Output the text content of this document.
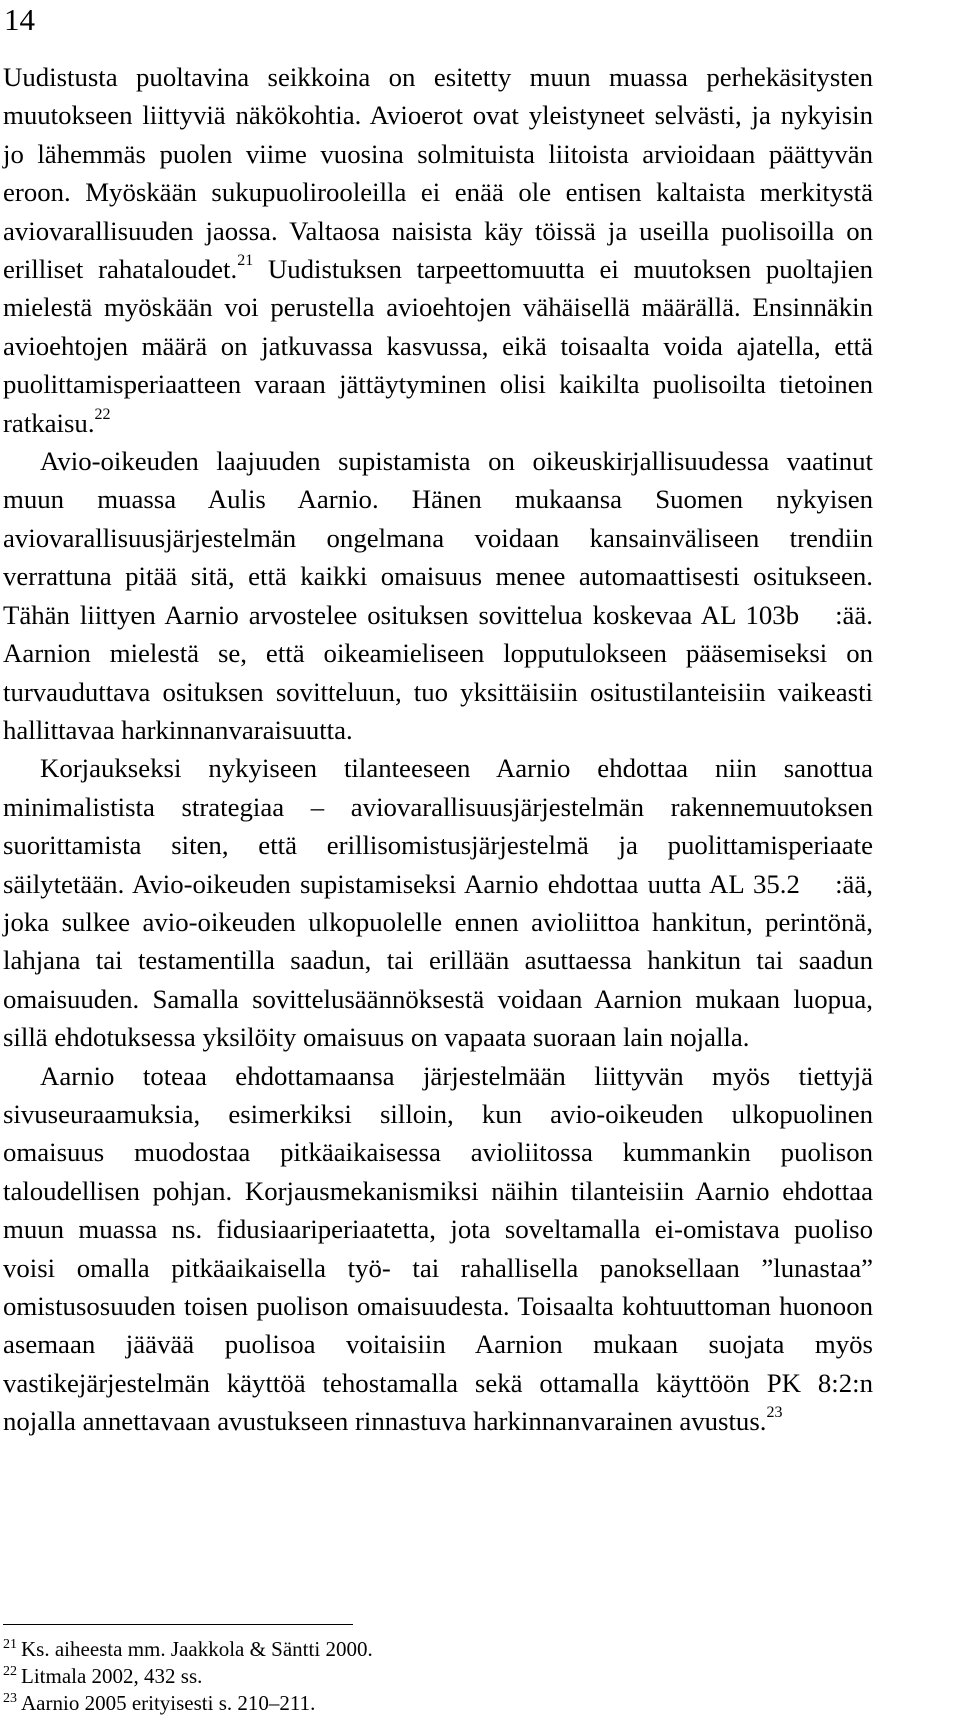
14

Uudistusta puoltavina seikkoina on esitetty muun muassa perhekäsitysten muutokseen liittyviä näkökohtia. Avioerot ovat yleistyneet selvästi, ja nykyisin jo lähemmäs puolen viime vuosina solmituista liitoista arvioidaan päättyvän eroon. Myöskään sukupuolirooleilla ei enää ole entisen kaltaista merkitystä aviovarallisuuden jaossa. Valtaosa naisista käy töissä ja useilla puolisoilla on erilliset rahataloudet.$^{21}$ Uudistuksen tarpeettomuutta ei muutoksen puoltajien mielestä myöskään voi perustella avioehtojen vähäisellä määrällä. Ensinnäkin avioehtojen määrä on jatkuvassa kasvussa, eikä toisaalta voida ajatella, että puolittamisperiaatteen varaan jättäytyminen olisi kaikilta puolisoilta tietoinen ratkaisu.$^{22}$

Avio-oikeuden laajuuden supistamista on oikeuskirjallisuudessa vaatinut muun muassa Aulis Aarnio. Hänen mukaansa Suomen nykyisen aviovarallisuusjärjestelmän ongelmana voidaan kansainväliseen trendiin verrattuna pitää sitä, että kaikki omaisuus menee automaattisesti ositukseen. Tähän liittyen Aarnio arvostelee osituksen sovittelua koskevaa AL 103b :ää. Aarnion mielestä se, että oikeamieliseen lopputulokseen pääsemiseksi on turvauduttava osituksen sovitteluun, tuo yksittäisiin ositustilanteisiin vaikeasti hallittavaa harkinnanvaraisuutta.

Korjaukseksi nykyiseen tilanteeseen Aarnio ehdottaa niin sanottua minimalistista strategiaa – aviovarallisuusjärjestelmän rakennemuutoksen suorittamista siten, että erillisomistusjärjestelmä ja puolittamisperiaate säilytetään. Avio-oikeuden supistamiseksi Aarnio ehdottaa uutta AL 35.2 :ää, joka sulkee avio-oikeuden ulkopuolelle ennen avioliittoa hankitun, perintönä, lahjana tai testamentilla saadun, tai erillään asuttaessa hankitun tai saadun omaisuuden. Samalla sovittelusäännöksestä voidaan Aarnion mukaan luopua, sillä ehdotuksessa yksilöity omaisuus on vapaata suoraan lain nojalla.

Aarnio toteaa ehdottamaansa järjestelmään liittyvän myös tiettyjä sivuseuraamuksia, esimerkiksi silloin, kun avio-oikeuden ulkopuolinen omaisuus muodostaa pitkäaikaisessa avioliitossa kummankin puolison taloudellisen pohjan. Korjausmekanismiksi näihin tilanteisiin Aarnio ehdottaa muun muassa ns. fidusiaariperiaatetta, jota soveltamalla ei-omistava puoliso voisi omalla pitkäaikaisella työ- tai rahallisella panoksellaan ”lunastaa” omistusosuuden toisen puolison omaisuudesta. Toisaalta kohtuuttoman huonoon asemaan jäävää puolisoa voitaisiin Aarnion mukaan suojata myös vastikejärjestelmän käyttöä tehostamalla sekä ottamalla käyttöön PK 8:2:n nojalla annettavaan avustukseen rinnastuva harkinnanvarainen avustus.$^{23}$

$^{21}$ Ks. aiheesta mm. Jaakkola & Säntti 2000.
$^{22}$ Litmala 2002, 432 ss.
$^{23}$ Aarnio 2005 erityisesti s. 210–211.
